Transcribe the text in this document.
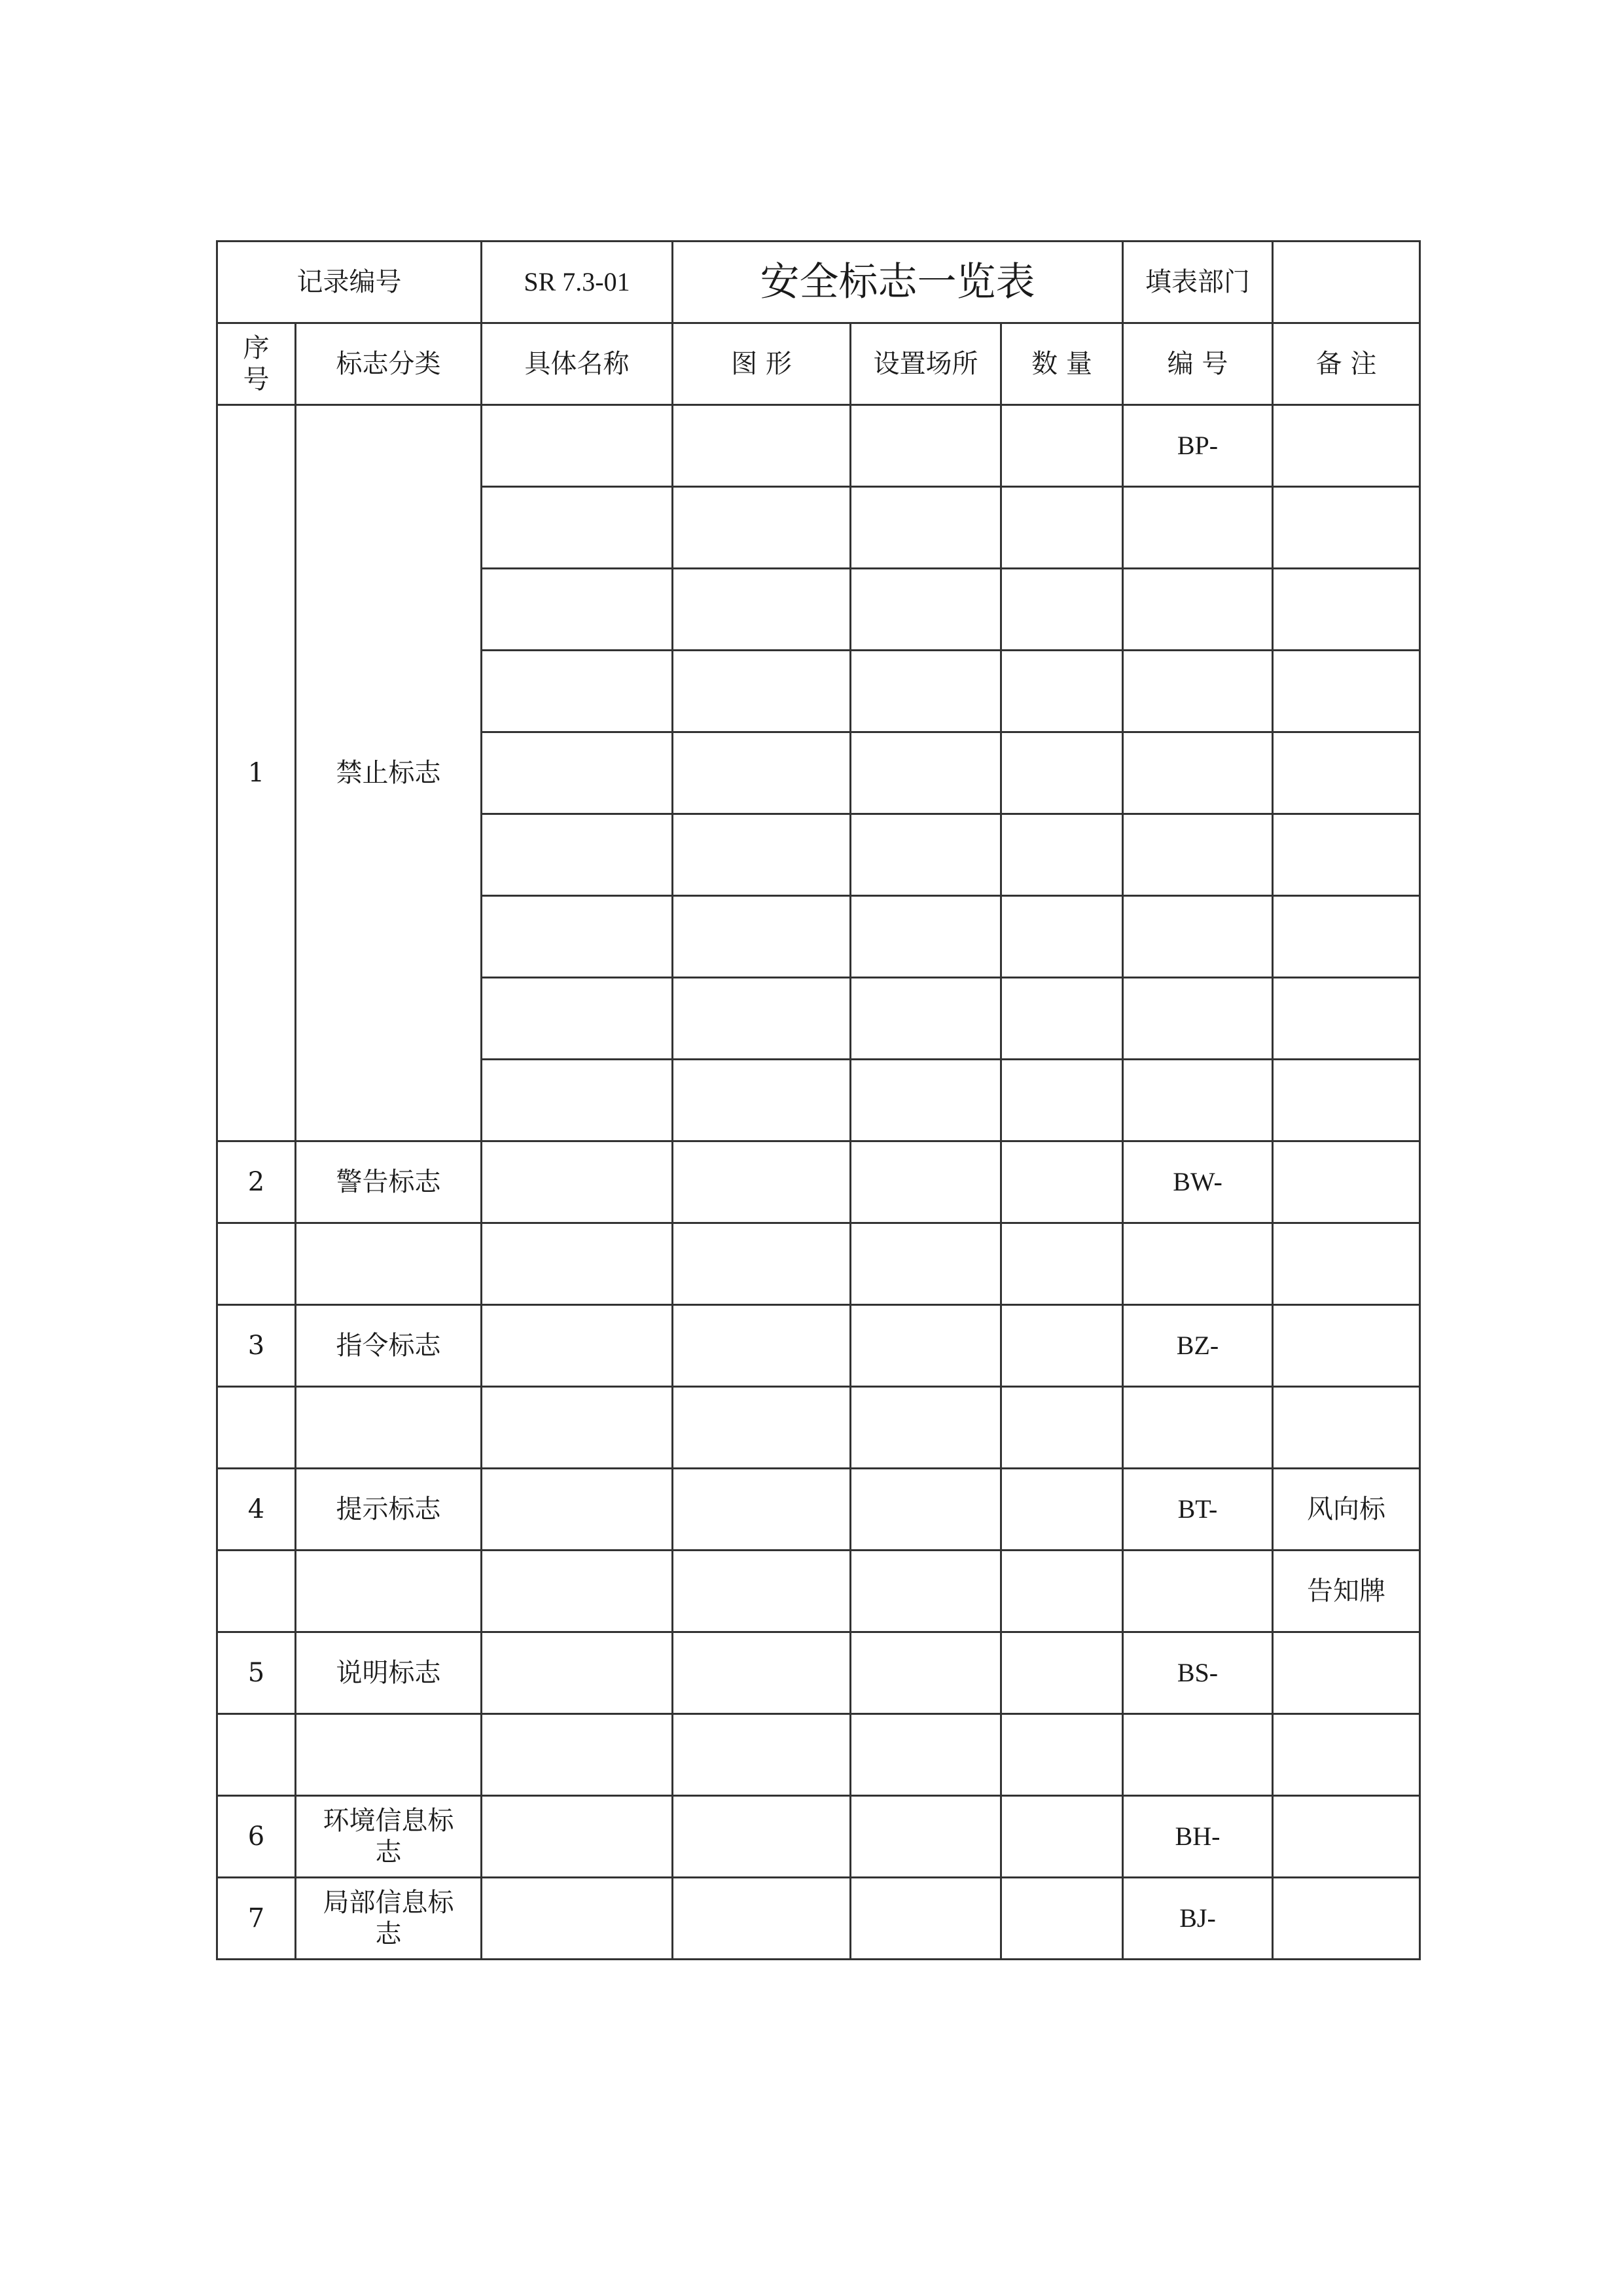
记录编号		SR 7.3-01	安全标志一览表			填表部门	
序号	标志分类	具体名称	图 形	设置场所	数 量	编 号	备 注
1	禁止标志					BP-	

2	警告标志					BW-	

3	指令标志					BZ-	

4	提示标志					BT-	风向标
							告知牌
5	说明标志					BS-	

6	环境信息标志					BH-	
7	局部信息标志					BJ-	
